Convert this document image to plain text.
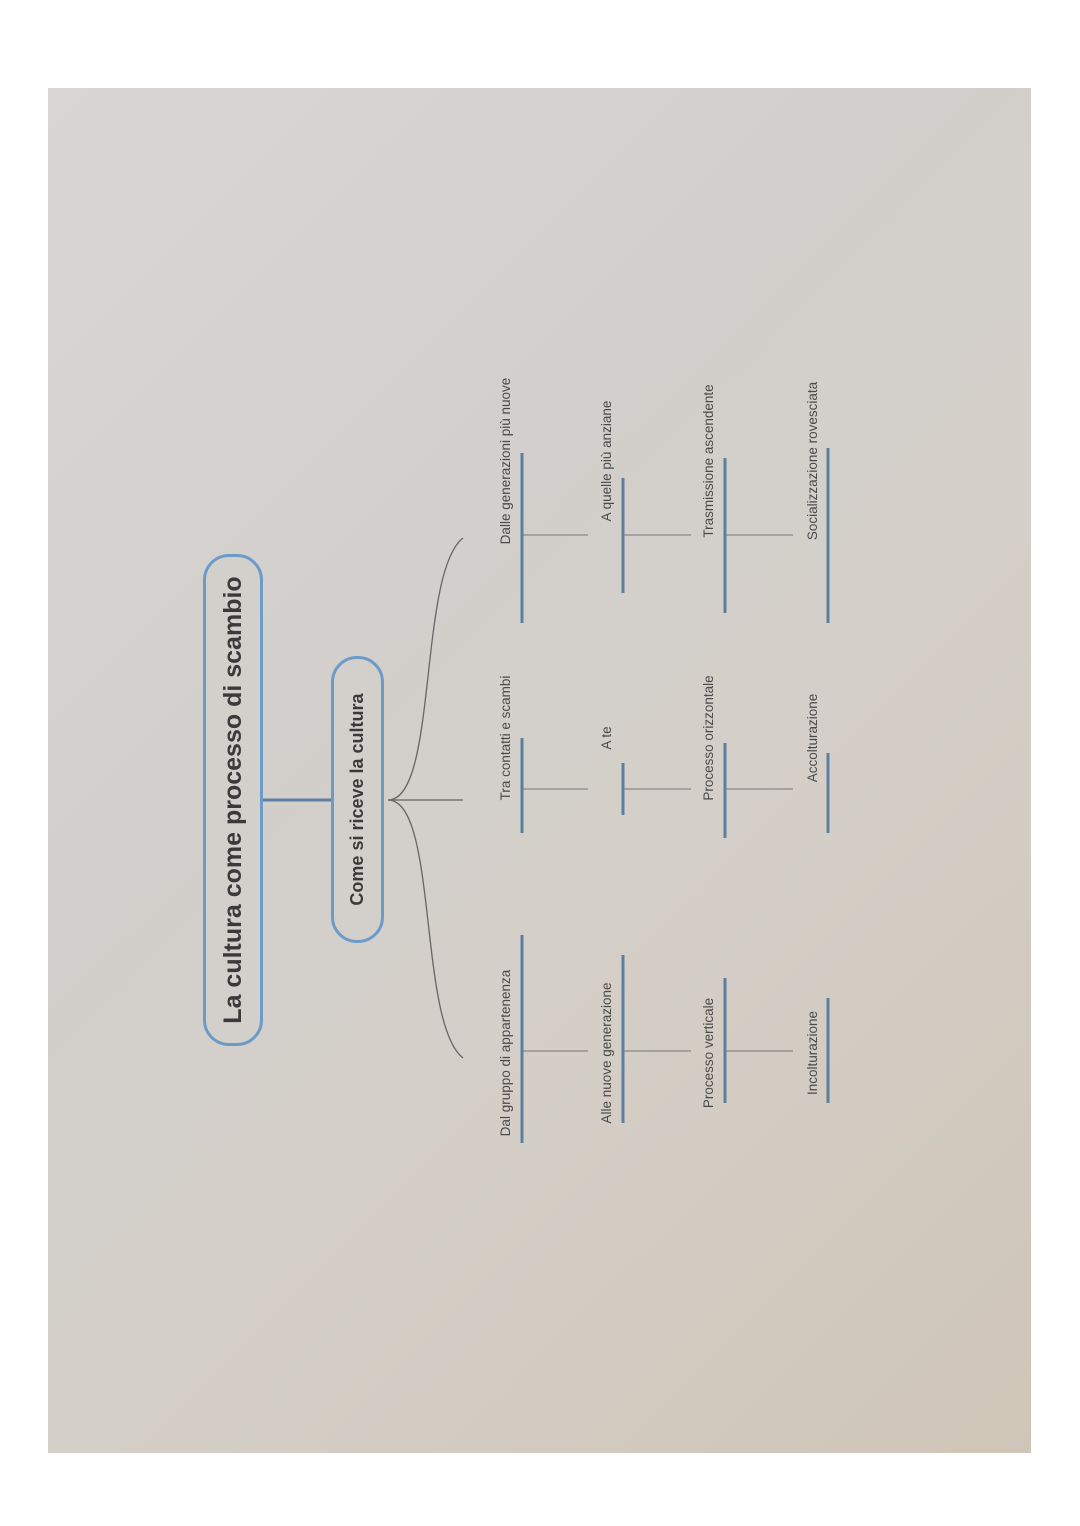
La cultura come processo di scambio	Come si riceve la cultura
Dal gruppo di appartenenza	Alle nuove generazione	Processo verticale	Incolturazione
Tra contatti e scambi	A te	Processo orizzontale	Accolturazione
Dalle generazioni più nuove	A quelle più anziane	Trasmissione ascendente	Socializzazione rovesciata
